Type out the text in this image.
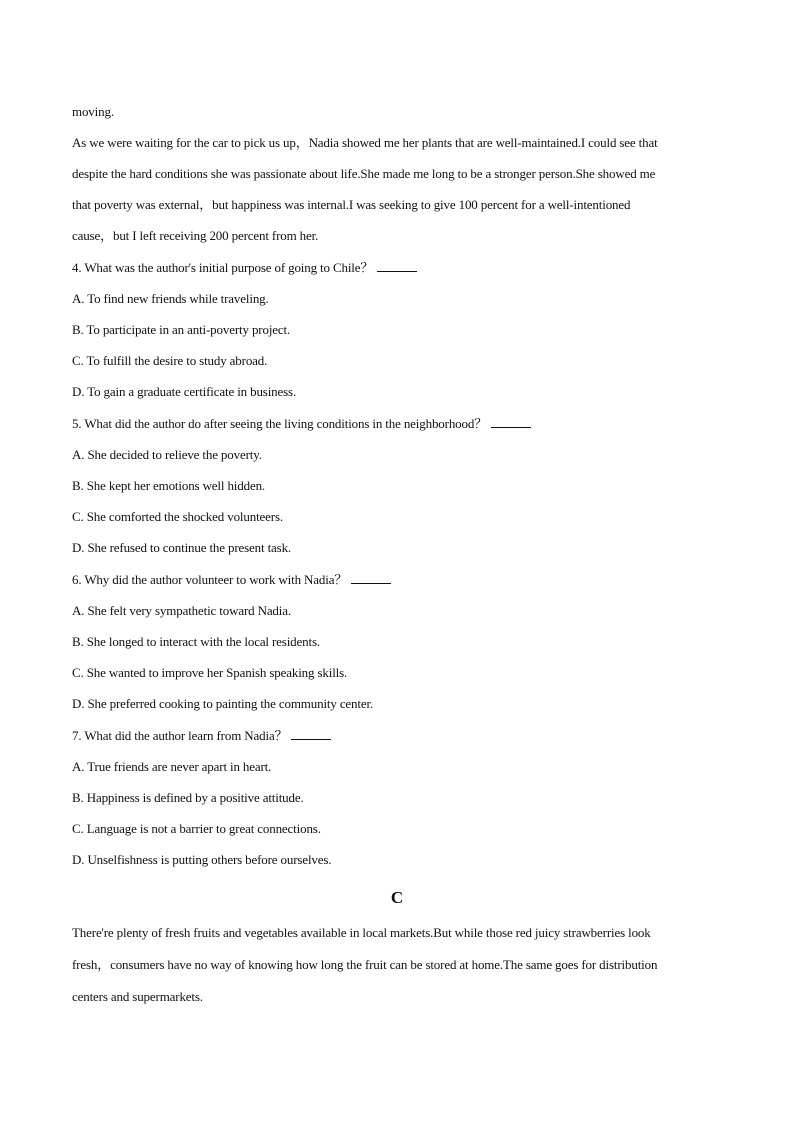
moving.
As we were waiting for the car to pick us up，Nadia showed me her plants that are well-maintained.I could see that
despite the hard conditions she was passionate about life.She made me long to be a stronger person.She showed me
that poverty was external，but happiness was internal.I was seeking to give 100 percent for a well-intentioned
cause，but I left receiving 200 percent from her.
4. What was the author's initial purpose of going to Chile？
A. To find new friends while traveling.
B. To participate in an anti-poverty project.
C. To fulfill the desire to study abroad.
D. To gain a graduate certificate in business.
5. What did the author do after seeing the living conditions in the neighborhood？
A. She decided to relieve the poverty.
B. She kept her emotions well hidden.
C. She comforted the shocked volunteers.
D. She refused to continue the present task.
6. Why did the author volunteer to work with Nadia？
A. She felt very sympathetic toward Nadia.
B. She longed to interact with the local residents.
C. She wanted to improve her Spanish speaking skills.
D. She preferred cooking to painting the community center.
7. What did the author learn from Nadia？
A. True friends are never apart in heart.
B. Happiness is defined by a positive attitude.
C. Language is not a barrier to great connections.
D. Unselfishness is putting others before ourselves.
C
There're plenty of fresh fruits and vegetables available in local markets.But while those red juicy strawberries look
fresh，consumers have no way of knowing how long the fruit can be stored at home.The same goes for distribution
centers and supermarkets.
